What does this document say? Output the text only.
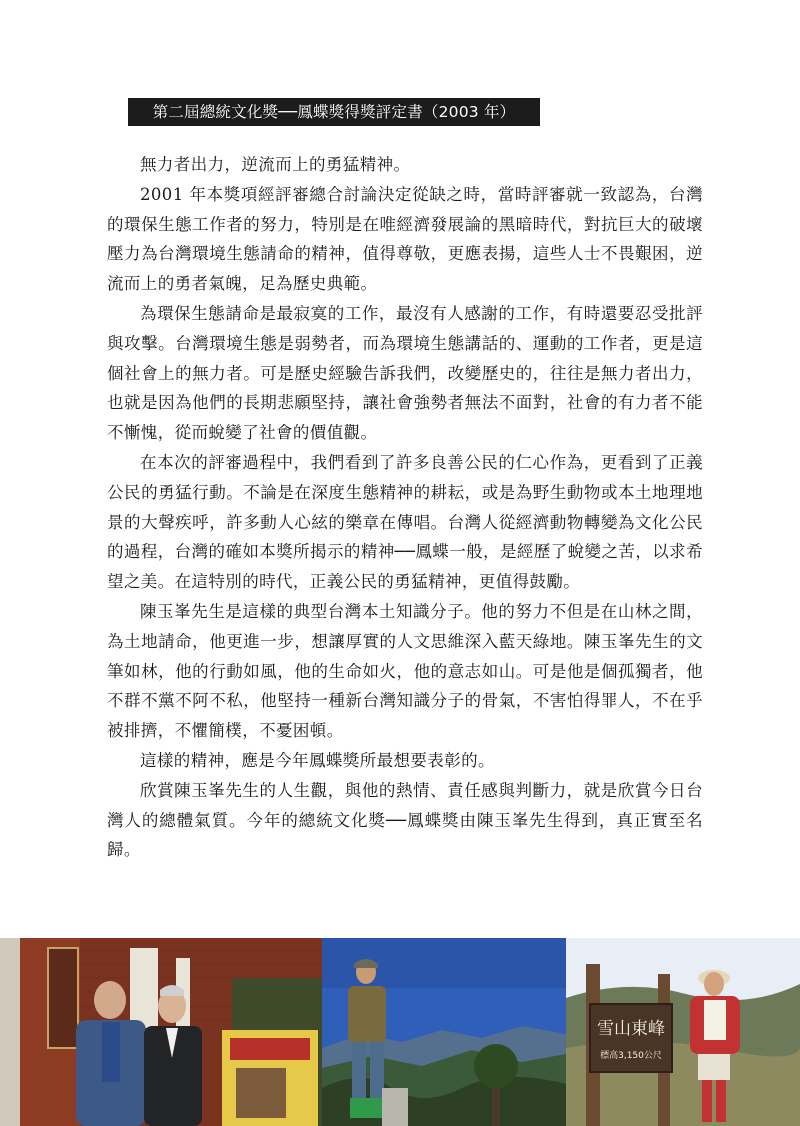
第二屆總統文化獎──鳳蝶獎得獎評定書（2003 年）

無力者出力，逆流而上的勇猛精神。

2001 年本獎項經評審總合討論決定從缺之時，當時評審就一致認為，台灣的環保生態工作者的努力，特別是在唯經濟發展論的黑暗時代，對抗巨大的破壞壓力為台灣環境生態請命的精神，值得尊敬，更應表揚，這些人士不畏艱困，逆流而上的勇者氣魄，足為歷史典範。

為環保生態請命是最寂寞的工作，最沒有人感謝的工作，有時還要忍受批評與攻擊。台灣環境生態是弱勢者，而為環境生態講話的、運動的工作者，更是這個社會上的無力者。可是歷史經驗告訴我們，改變歷史的，往往是無力者出力，也就是因為他們的長期悲願堅持，讓社會強勢者無法不面對，社會的有力者不能不慚愧，從而蛻變了社會的價值觀。

在本次的評審過程中，我們看到了許多良善公民的仁心作為，更看到了正義公民的勇猛行動。不論是在深度生態精神的耕耘，或是為野生動物或本土地理地景的大聲疾呼，許多動人心絃的樂章在傳唱。台灣人從經濟動物轉變為文化公民的過程，台灣的確如本獎所揭示的精神──鳳蝶一般，是經歷了蛻變之苦，以求希望之美。在這特別的時代，正義公民的勇猛精神，更值得鼓勵。

陳玉峯先生是這樣的典型台灣本土知識分子。他的努力不但是在山林之間，為土地請命，他更進一步，想讓厚實的人文思維深入藍天綠地。陳玉峯先生的文筆如林，他的行動如風，他的生命如火，他的意志如山。可是他是個孤獨者，他不群不黨不阿不私，他堅持一種新台灣知識分子的骨氣，不害怕得罪人，不在乎被排擠，不懼簡樸，不憂困頓。

這樣的精神，應是今年鳳蝶獎所最想要表彰的。

欣賞陳玉峯先生的人生觀，與他的熱情、責任感與判斷力，就是欣賞今日台灣人的總體氣質。今年的總統文化獎──鳳蝶獎由陳玉峯先生得到，真正實至名歸。

雪山東峰
標高3,150公尺
